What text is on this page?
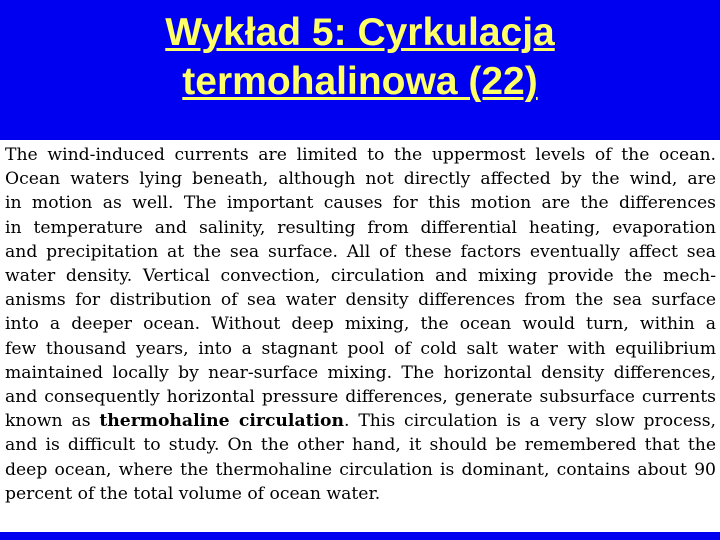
Wykład 5: Cyrkulacja
termohalinowa (22)
The wind-induced currents are limited to the uppermost levels of the ocean.
Ocean waters lying beneath, although not directly affected by the wind, are
in motion as well. The important causes for this motion are the differences
in temperature and salinity, resulting from differential heating, evaporation
and precipitation at the sea surface. All of these factors eventually affect sea
water density. Vertical convection, circulation and mixing provide the mech-
anisms for distribution of sea water density differences from the sea surface
into a deeper ocean. Without deep mixing, the ocean would turn, within a
few thousand years, into a stagnant pool of cold salt water with equilibrium
maintained locally by near-surface mixing. The horizontal density differences,
and consequently horizontal pressure differences, generate subsurface currents
known as thermohaline circulation. This circulation is a very slow process,
and is difficult to study. On the other hand, it should be remembered that the
deep ocean, where the thermohaline circulation is dominant, contains about 90
percent of the total volume of ocean water.
